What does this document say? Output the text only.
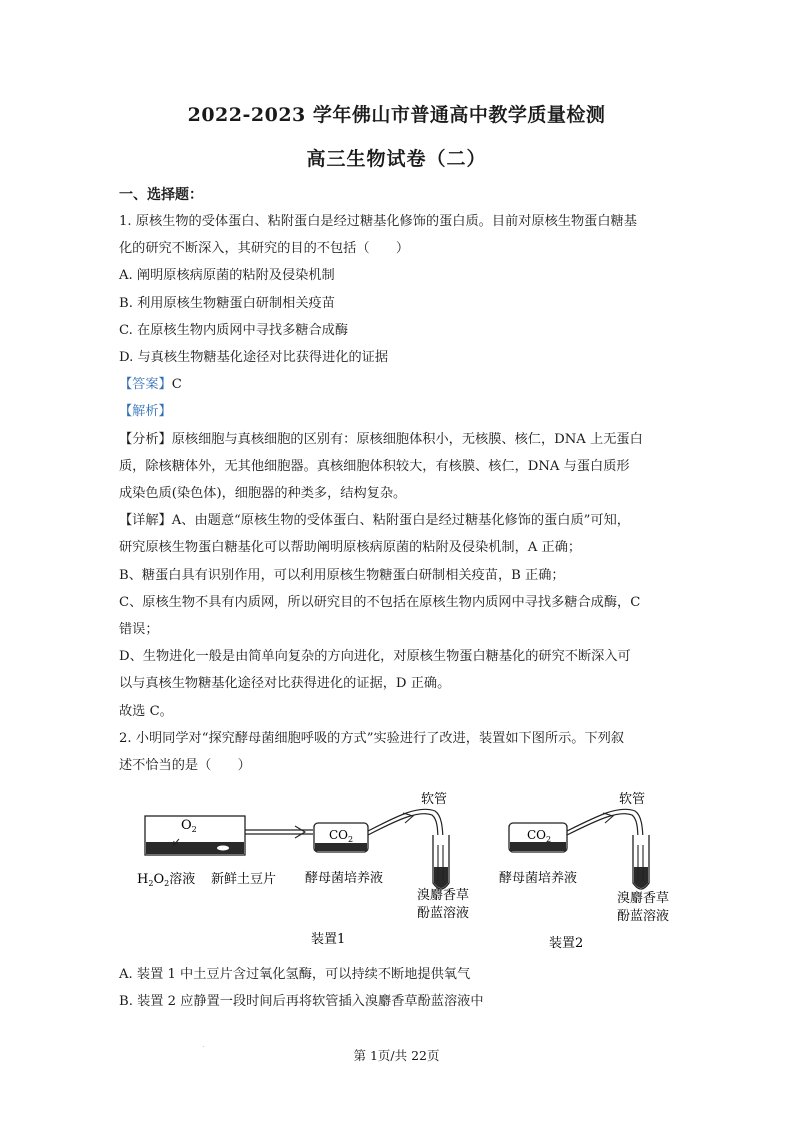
2022-2023 学年佛山市普通高中教学质量检测
高三生物试卷（二）
一、选择题：

1. 原核生物的受体蛋白、粘附蛋白是经过糖基化修饰的蛋白质。目前对原核生物蛋白糖基

化的研究不断深入，其研究的目的不包括（　　）

A. 阐明原核病原菌的粘附及侵染机制

B. 利用原核生物糖蛋白研制相关疫苗

C. 在原核生物内质网中寻找多糖合成酶

D. 与真核生物糖基化途径对比获得进化的证据

【答案】C

【解析】

【分析】原核细胞与真核细胞的区别有：原核细胞体积小，无核膜、核仁，DNA 上无蛋白

质，除核糖体外，无其他细胞器。真核细胞体积较大，有核膜、核仁，DNA 与蛋白质形

成染色质(染色体)，细胞器的种类多，结构复杂。

【详解】A、由题意“原核生物的受体蛋白、粘附蛋白是经过糖基化修饰的蛋白质”可知，

研究原核生物蛋白糖基化可以帮助阐明原核病原菌的粘附及侵染机制，A 正确；

B、糖蛋白具有识别作用，可以利用原核生物糖蛋白研制相关疫苗，B 正确；

C、原核生物不具有内质网，所以研究目的不包括在原核生物内质网中寻找多糖合成酶，C

错误；

D、生物进化一般是由简单向复杂的方向进化，对原核生物蛋白糖基化的研究不断深入可

以与真核生物糖基化途径对比获得进化的证据，D 正确。

故选 C。

2. 小明同学对“探究酵母菌细胞呼吸的方式”实验进行了改进，装置如下图所示。下列叙

述不恰当的是（　　）

$O_2$	$CO_2$
软管
$H_2O_2$溶液 新鲜土豆片 酵母菌培养液
溴麝香草
酚蓝溶液
装置1
$CO_2$
软管
酵母菌培养液
溴麝香草
酚蓝溶液
装置2

A. 装置 1 中土豆片含过氧化氢酶，可以持续不断地提供氧气

B. 装置 2 应静置一段时间后再将软管插入溴麝香草酚蓝溶液中

.
第 1页/共 22页
